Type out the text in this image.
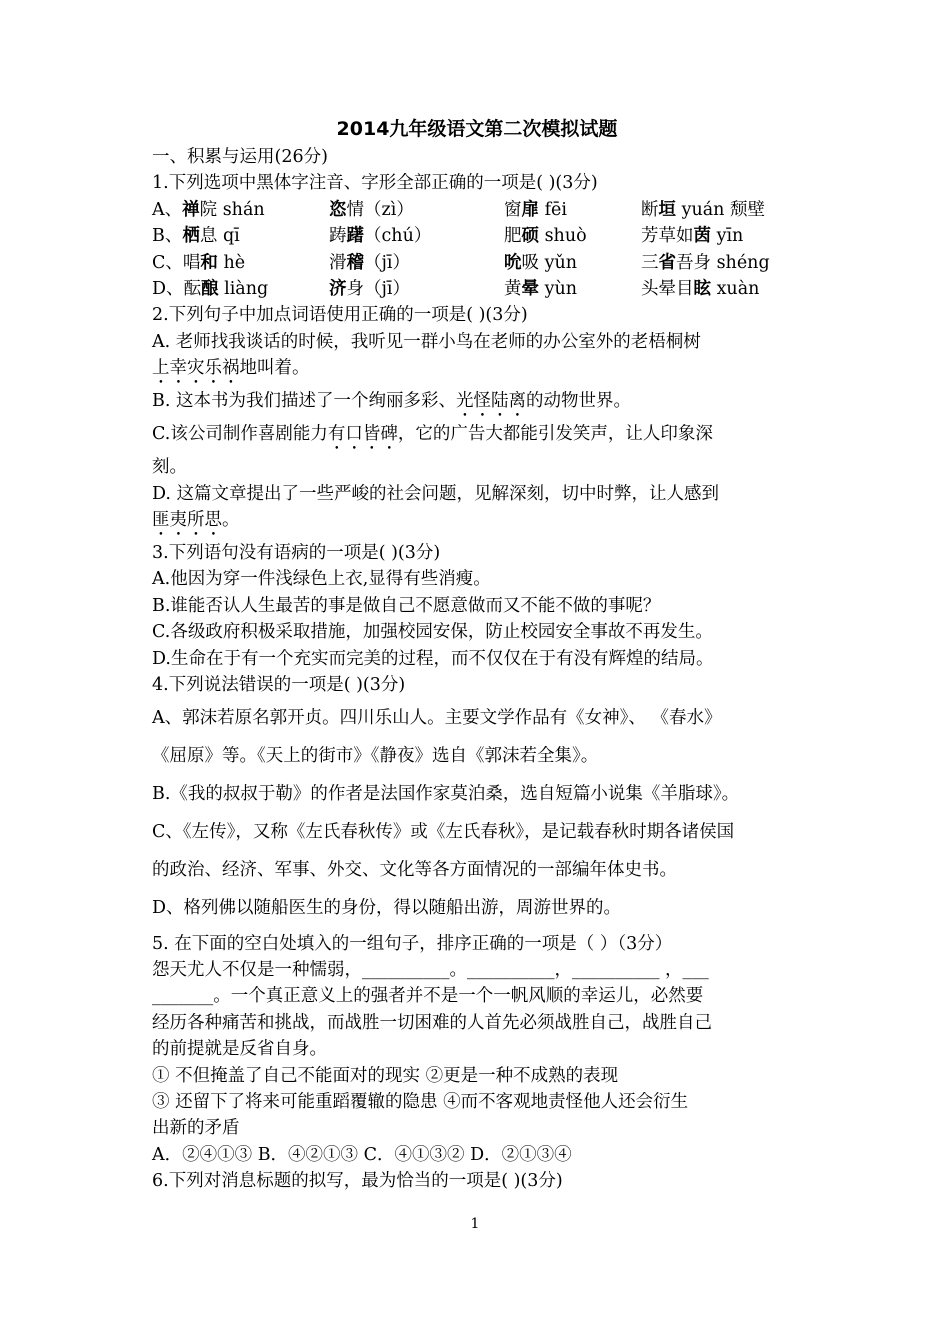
2014九年级语文第二次模拟试题
一、积累与运用(26分)
1.下列选项中黑体字注音、字形全部正确的一项是( )(3分)
A、禅院 shán	恣情（zì）	窗扉 fēi	断垣 yuán 颓壁
B、栖息 qī	踌躇（chú）	肥硕 shuò	芳草如茵 yīn
C、唱和 hè	滑稽（jī）	吮吸 yǔn	三省吾身 shéng
D、酝酿 liàng	济身（jī）	黄晕 yùn	头晕目眩 xuàn
2.下列句子中加点词语使用正确的一项是( )(3分)
A. 老师找我谈话的时候，我听见一群小鸟在老师的办公室外的老梧桐树
上幸灾乐祸地叫着。
B. 这本书为我们描述了一个绚丽多彩、光怪陆离的动物世界。
C.该公司制作喜剧能力有口皆碑，它的广告大都能引发笑声，让人印象深
刻。
D. 这篇文章提出了一些严峻的社会问题，见解深刻，切中时弊，让人感到
匪夷所思。
3.下列语句没有语病的一项是( )(3分)
A.他因为穿一件浅绿色上衣,显得有些消瘦。
B.谁能否认人生最苦的事是做自己不愿意做而又不能不做的事呢？
C.各级政府积极采取措施，加强校园安保，防止校园安全事故不再发生。
D.生命在于有一个充实而完美的过程，而不仅仅在于有没有辉煌的结局。
4.下列说法错误的一项是( )(3分)
A、郭沫若原名郭开贞。四川乐山人。主要文学作品有《女神》、 《春水》
《屈原》等。《天上的街市》《静夜》选自《郭沫若全集》。
B.《我的叔叔于勒》的作者是法国作家莫泊桑，选自短篇小说集《羊脂球》。
C、《左传》，又称《左氏春秋传》或《左氏春秋》，是记载春秋时期各诸侯国
的政治、经济、军事、外交、文化等各方面情况的一部编年体史书。
D、格列佛以随船医生的身份，得以随船出游，周游世界的。
5. 在下面的空白处填入的一组句子，排序正确的一项是（ ）（3分）
怨天尤人不仅是一种懦弱，__________。__________，__________ ，___
_______。一个真正意义上的强者并不是一个一帆风顺的幸运儿，必然要
经历各种痛苦和挑战，而战胜一切困难的人首先必须战胜自己，战胜自己
的前提就是反省自身。
① 不但掩盖了自己不能面对的现实 ②更是一种不成熟的表现
③ 还留下了将来可能重蹈覆辙的隐患 ④而不客观地责怪他人还会衍生
出新的矛盾
A．②④①③ B．④②①③ C．④①③② D．②①③④
6.下列对消息标题的拟写，最为恰当的一项是( )(3分)
1
